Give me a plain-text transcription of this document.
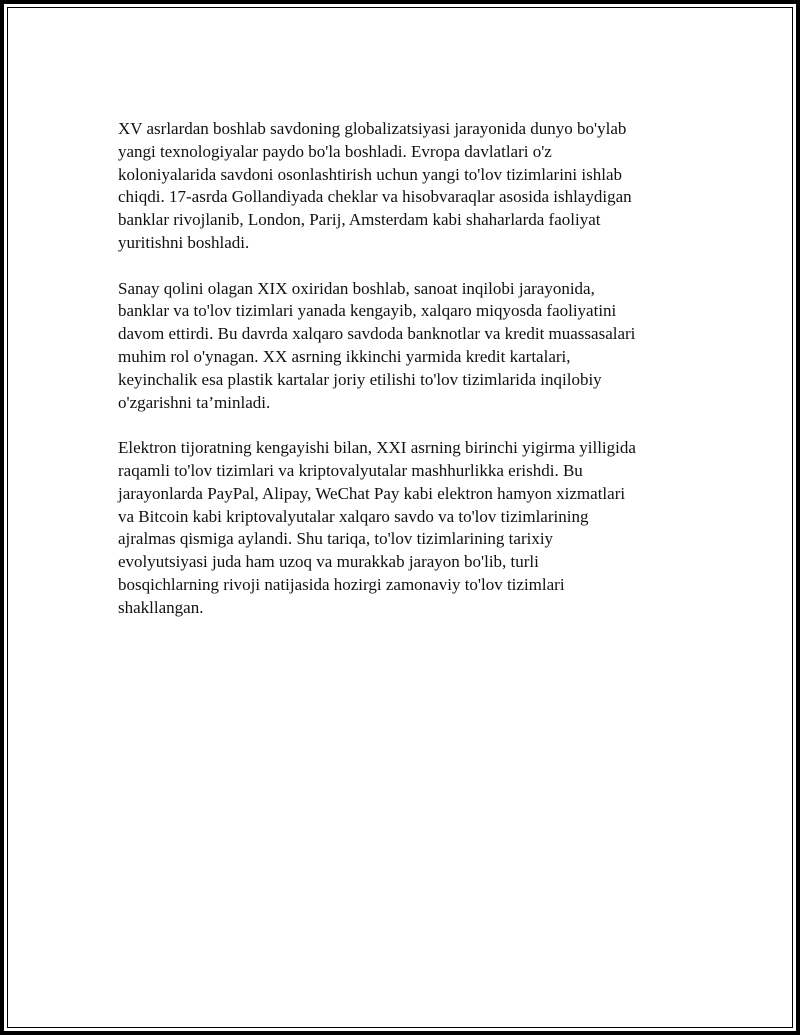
XV asrlardan boshlab savdoning globalizatsiyasi jarayonida dunyo bo'ylab
yangi texnologiyalar paydo bo'la boshladi. Evropa davlatlari o'z
koloniyalarida savdoni osonlashtirish uchun yangi to'lov tizimlarini ishlab
chiqdi. 17-asrda Gollandiyada cheklar va hisobvaraqlar asosida ishlaydigan
banklar rivojlanib, London, Parij, Amsterdam kabi shaharlarda faoliyat
yuritishni boshladi.

Sanay qolini olagan XIX oxiridan boshlab, sanoat inqilobi jarayonida,
banklar va to'lov tizimlari yanada kengayib, xalqaro miqyosda faoliyatini
davom ettirdi. Bu davrda xalqaro savdoda banknotlar va kredit muassasalari
muhim rol o'ynagan. XX asrning ikkinchi yarmida kredit kartalari,
keyinchalik esa plastik kartalar joriy etilishi to'lov tizimlarida inqilobiy
o'zgarishni ta’minladi.

Elektron tijoratning kengayishi bilan, XXI asrning birinchi yigirma yilligida
raqamli to'lov tizimlari va kriptovalyutalar mashhurlikka erishdi. Bu
jarayonlarda PayPal, Alipay, WeChat Pay kabi elektron hamyon xizmatlari
va Bitcoin kabi kriptovalyutalar xalqaro savdo va to'lov tizimlarining
ajralmas qismiga aylandi. Shu tariqa, to'lov tizimlarining tarixiy
evolyutsiyasi juda ham uzoq va murakkab jarayon bo'lib, turli
bosqichlarning rivoji natijasida hozirgi zamonaviy to'lov tizimlari
shakllangan.
